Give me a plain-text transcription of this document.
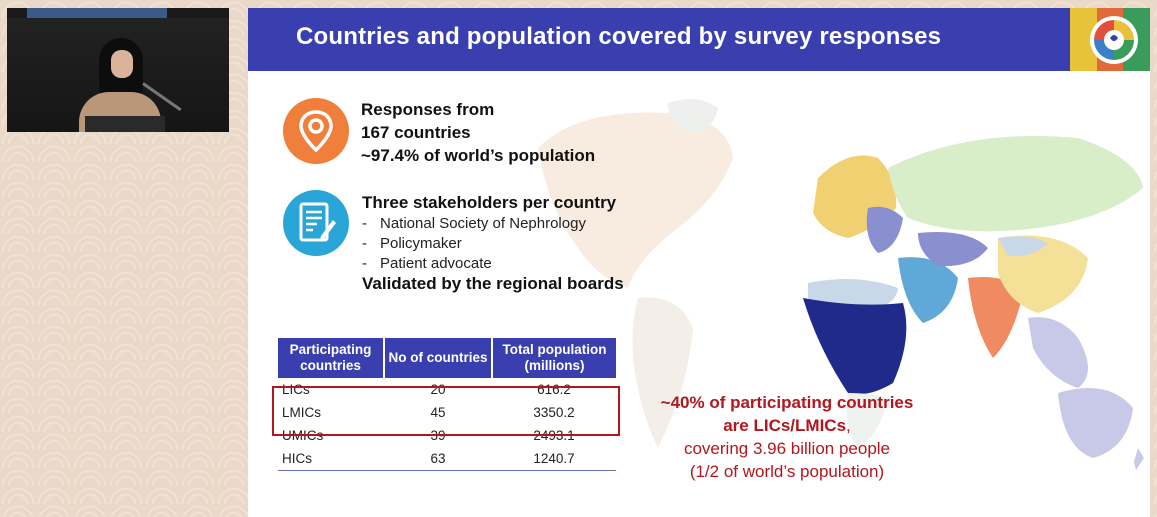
Countries and population covered by survey responses
Responses from
167 countries
~97.4% of world’s population
Three stakeholders per country
- National Society of Nephrology
- Policymaker
- Patient advocate
Validated by the regional boards
Participating countries	No of countries	Total population (millions)
LICs	20	616.2
LMICs	45	3350.2
UMICs	39	2493.1
HICs	63	1240.7
~40% of participating countries
are LICs/LMICs,
covering 3.96 billion people
(1/2 of world’s population)
